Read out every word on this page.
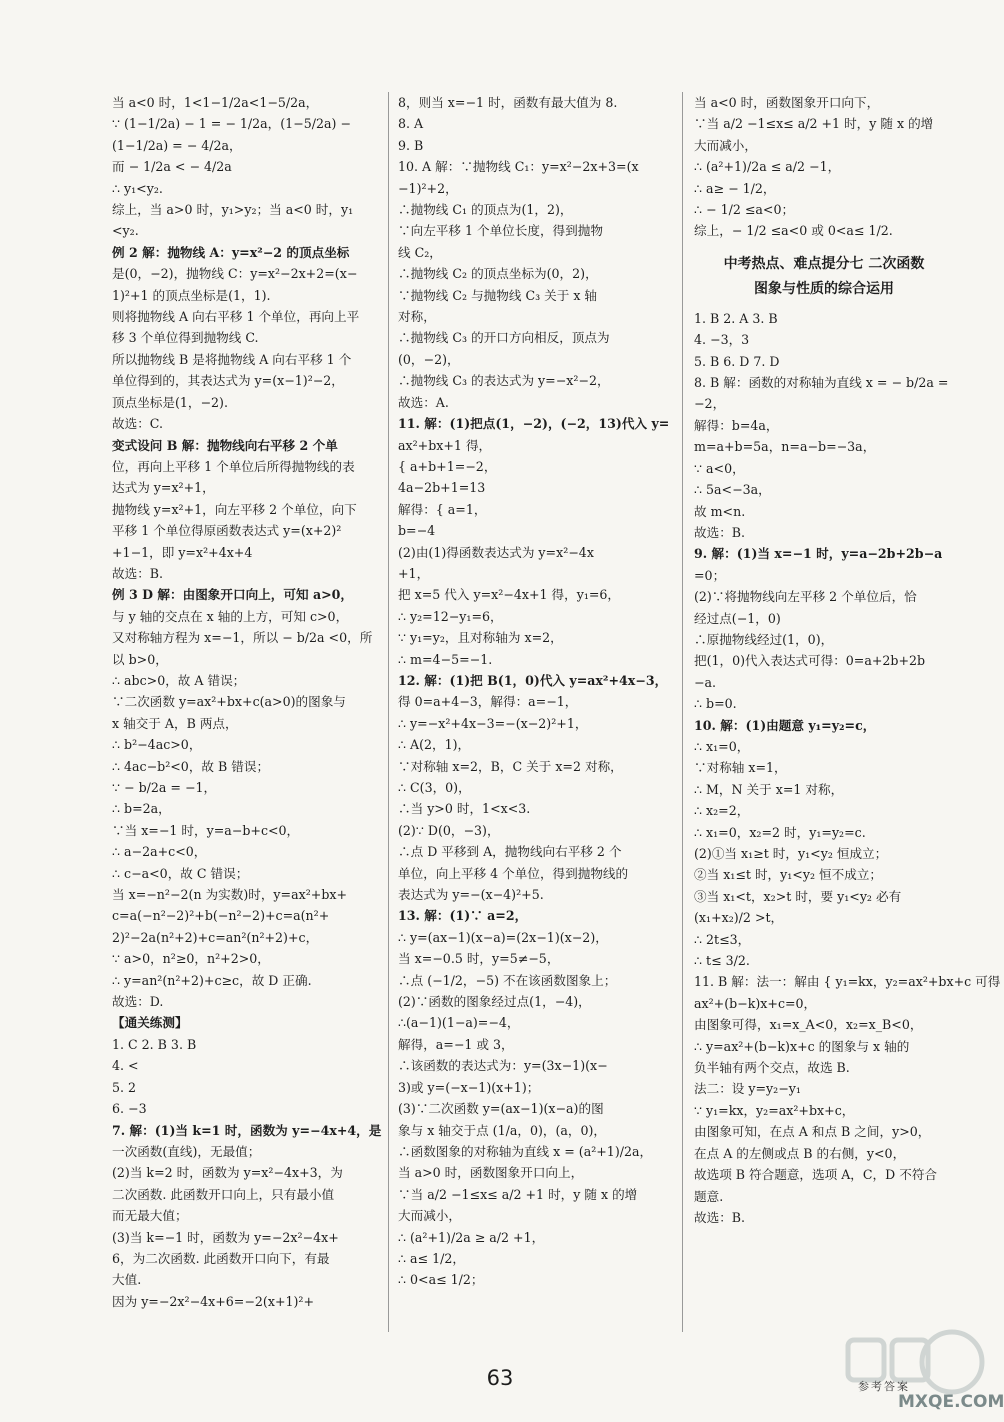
当 a<0 时，1<1−1/2a<1−5/2a，
∵ (1−1/2a) − 1 = − 1/2a，(1−5/2a) −
(1−1/2a) = − 4/2a，
而 − 1/2a < − 4/2a
∴ y₁<y₂.
综上，当 a>0 时，y₁>y₂；当 a<0 时，y₁
<y₂.
例 2 解：抛物线 A：y=x²−2 的顶点坐标
是(0，−2)，抛物线 C：y=x²−2x+2=(x−
1)²+1 的顶点坐标是(1，1).
则将抛物线 A 向右平移 1 个单位，再向上平
移 3 个单位得到抛物线 C.
所以抛物线 B 是将抛物线 A 向右平移 1 个
单位得到的，其表达式为 y=(x−1)²−2，
顶点坐标是(1，−2).
故选：C.
变式设问 B 解：抛物线向右平移 2 个单
位，再向上平移 1 个单位后所得抛物线的表
达式为 y=x²+1，
抛物线 y=x²+1，向左平移 2 个单位，向下
平移 1 个单位得原函数表达式 y=(x+2)²
+1−1，即 y=x²+4x+4
故选：B.
例 3 D 解：由图象开口向上，可知 a>0，
与 y 轴的交点在 x 轴的上方，可知 c>0，
又对称轴方程为 x=−1，所以 − b/2a <0，所
以 b>0，
∴ abc>0，故 A 错误；
∵二次函数 y=ax²+bx+c(a>0)的图象与
x 轴交于 A，B 两点，
∴ b²−4ac>0，
∴ 4ac−b²<0，故 B 错误；
∵ − b/2a = −1，
∴ b=2a，
∵当 x=−1 时，y=a−b+c<0，
∴ a−2a+c<0，
∴ c−a<0，故 C 错误；
当 x=−n²−2(n 为实数)时，y=ax²+bx+
c=a(−n²−2)²+b(−n²−2)+c=a(n²+
2)²−2a(n²+2)+c=an²(n²+2)+c，
∵ a>0，n²≥0，n²+2>0，
∴ y=an²(n²+2)+c≥c，故 D 正确.
故选：D.
【通关练测】
1. C 2. B 3. B
4. <
5. 2
6. −3
7. 解：(1)当 k=1 时，函数为 y=−4x+4，是
一次函数(直线)，无最值；
(2)当 k=2 时，函数为 y=x²−4x+3，为
二次函数. 此函数开口向上，只有最小值
而无最大值；
(3)当 k=−1 时，函数为 y=−2x²−4x+
6，为二次函数. 此函数开口向下，有最
大值.
因为 y=−2x²−4x+6=−2(x+1)²+
8，则当 x=−1 时，函数有最大值为 8.
8. A
9. B
10. A 解：∵抛物线 C₁：y=x²−2x+3=(x
−1)²+2，
∴抛物线 C₁ 的顶点为(1，2)，
∵向左平移 1 个单位长度，得到抛物
线 C₂，
∴抛物线 C₂ 的顶点坐标为(0，2)，
∵抛物线 C₂ 与抛物线 C₃ 关于 x 轴
对称，
∴抛物线 C₃ 的开口方向相反，顶点为
(0，−2)，
∴抛物线 C₃ 的表达式为 y=−x²−2，
故选：A.
11. 解：(1)把点(1，−2)，(−2，13)代入 y=
ax²+bx+1 得，
{ a+b+1=−2，
4a−2b+1=13
解得：{ a=1，
b=−4
(2)由(1)得函数表达式为 y=x²−4x
+1，
把 x=5 代入 y=x²−4x+1 得，y₁=6，
∴ y₂=12−y₁=6，
∵ y₁=y₂，且对称轴为 x=2，
∴ m=4−5=−1.
12. 解：(1)把 B(1，0)代入 y=ax²+4x−3，
得 0=a+4−3，解得：a=−1，
∴ y=−x²+4x−3=−(x−2)²+1，
∴ A(2，1)，
∵对称轴 x=2，B，C 关于 x=2 对称，
∴ C(3，0)，
∴当 y>0 时，1<x<3.
(2)∵ D(0，−3)，
∴点 D 平移到 A，抛物线向右平移 2 个
单位，向上平移 4 个单位，得到抛物线的
表达式为 y=−(x−4)²+5.
13. 解：(1)∵ a=2，
∴ y=(ax−1)(x−a)=(2x−1)(x−2)，
当 x=−0.5 时，y=5≠−5，
∴点 (−1/2，−5) 不在该函数图象上；
(2)∵函数的图象经过点(1，−4)，
∴(a−1)(1−a)=−4，
解得，a=−1 或 3，
∴该函数的表达式为：y=(3x−1)(x−
3)或 y=(−x−1)(x+1)；
(3)∵二次函数 y=(ax−1)(x−a)的图
象与 x 轴交于点 (1/a，0)，(a，0)，
∴函数图象的对称轴为直线 x = (a²+1)/2a，
当 a>0 时，函数图象开口向上，
∵当 a/2 −1≤x≤ a/2 +1 时，y 随 x 的增
大而减小，
∴ (a²+1)/2a ≥ a/2 +1，
∴ a≤ 1/2，
∴ 0<a≤ 1/2；
当 a<0 时，函数图象开口向下，
∵当 a/2 −1≤x≤ a/2 +1 时，y 随 x 的增
大而减小，
∴ (a²+1)/2a ≤ a/2 −1，
∴ a≥ − 1/2，
∴ − 1/2 ≤a<0；
综上，− 1/2 ≤a<0 或 0<a≤ 1/2.
中考热点、难点提分七 二次函数
图象与性质的综合运用
1. B 2. A 3. B
4. −3，3
5. B 6. D 7. D
8. B 解：函数的对称轴为直线 x = − b/2a =
−2，
解得：b=4a，
m=a+b=5a，n=a−b=−3a，
∵ a<0，
∴ 5a<−3a，
故 m<n.
故选：B.
9. 解：(1)当 x=−1 时，y=a−2b+2b−a
=0；
(2)∵将抛物线向左平移 2 个单位后，恰
经过点(−1，0)
∴原抛物线经过(1，0)，
把(1，0)代入表达式可得：0=a+2b+2b
−a.
∴ b=0.
10. 解：(1)由题意 y₁=y₂=c，
∴ x₁=0，
∵对称轴 x=1，
∴ M，N 关于 x=1 对称，
∴ x₂=2，
∴ x₁=0，x₂=2 时，y₁=y₂=c.
(2)①当 x₁≥t 时，y₁<y₂ 恒成立；
②当 x₁≤t 时，y₁<y₂ 恒不成立；
③当 x₁<t，x₂>t 时，要 y₁<y₂ 必有
(x₁+x₂)/2 >t，
∴ 2t≤3，
∴ t≤ 3/2.
11. B 解：法一：解由 { y₁=kx，y₂=ax²+bx+c 可得
ax²+(b−k)x+c=0，
由图象可得，x₁=x_A<0，x₂=x_B<0，
∴ y=ax²+(b−k)x+c 的图象与 x 轴的
负半轴有两个交点，故选 B.
法二：设 y=y₂−y₁
∵ y₁=kx，y₂=ax²+bx+c，
由图象可知，在点 A 和点 B 之间，y>0，
在点 A 的左侧或点 B 的右侧，y<0，
故选项 B 符合题意，选项 A，C，D 不符合
题意.
故选：B.
63	参考答案
MXQE.COM
